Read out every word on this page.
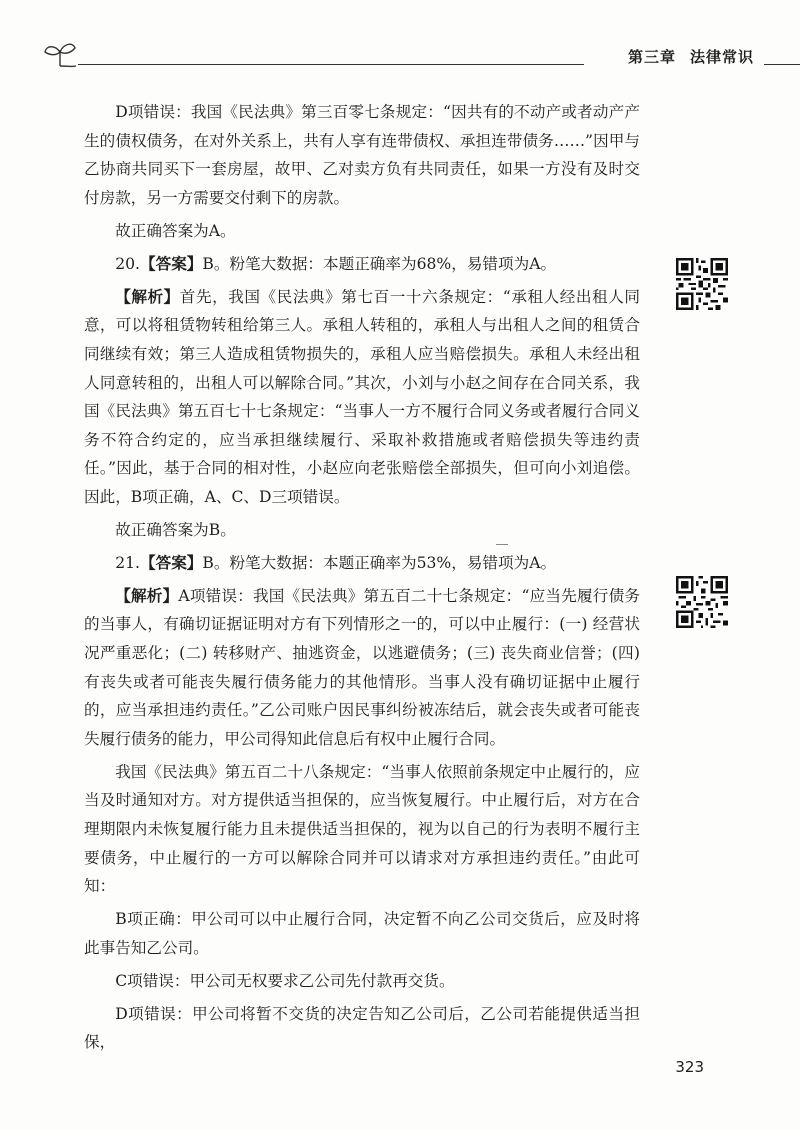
第三章 法律常识

D项错误：我国《民法典》第三百零七条规定：“因共有的不动产或者动产产生的债权债务，在对外关系上，共有人享有连带债权、承担连带债务……”因甲与乙协商共同买下一套房屋，故甲、乙对卖方负有共同责任，如果一方没有及时交付房款，另一方需要交付剩下的房款。

故正确答案为A。

20.【答案】B。粉笔大数据：本题正确率为68%，易错项为A。

【解析】首先，我国《民法典》第七百一十六条规定：“承租人经出租人同意，可以将租赁物转租给第三人。承租人转租的，承租人与出租人之间的租赁合同继续有效；第三人造成租赁物损失的，承租人应当赔偿损失。承租人未经出租人同意转租的，出租人可以解除合同。”其次，小刘与小赵之间存在合同关系，我国《民法典》第五百七十七条规定：“当事人一方不履行合同义务或者履行合同义务不符合约定的，应当承担继续履行、采取补救措施或者赔偿损失等违约责任。”因此，基于合同的相对性，小赵应向老张赔偿全部损失，但可向小刘追偿。因此，B项正确，A、C、D三项错误。

故正确答案为B。

21.【答案】B。粉笔大数据：本题正确率为53%，易错项为A。

【解析】A项错误：我国《民法典》第五百二十七条规定：“应当先履行债务的当事人，有确切证据证明对方有下列情形之一的，可以中止履行：(一) 经营状况严重恶化；(二) 转移财产、抽逃资金，以逃避债务；(三) 丧失商业信誉；(四) 有丧失或者可能丧失履行债务能力的其他情形。当事人没有确切证据中止履行的，应当承担违约责任。”乙公司账户因民事纠纷被冻结后，就会丧失或者可能丧失履行债务的能力，甲公司得知此信息后有权中止履行合同。

我国《民法典》第五百二十八条规定：“当事人依照前条规定中止履行的，应当及时通知对方。对方提供适当担保的，应当恢复履行。中止履行后，对方在合理期限内未恢复履行能力且未提供适当担保的，视为以自己的行为表明不履行主要债务，中止履行的一方可以解除合同并可以请求对方承担违约责任。”由此可知：

B项正确：甲公司可以中止履行合同，决定暂不向乙公司交货后，应及时将此事告知乙公司。

C项错误：甲公司无权要求乙公司先付款再交货。

D项错误：甲公司将暂不交货的决定告知乙公司后，乙公司若能提供适当担保，

323
